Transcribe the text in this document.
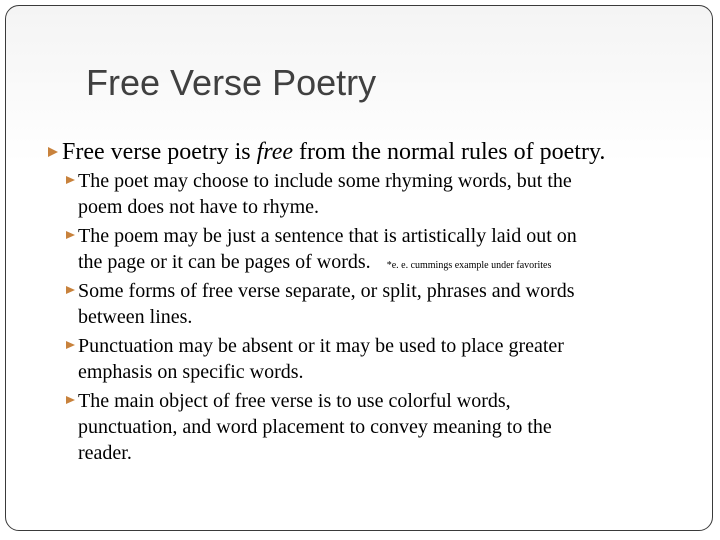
Free Verse Poetry
Free verse poetry is free from the normal rules of poetry.
The poet may choose to include some rhyming words, but the
poem does not have to rhyme.
The poem may be just a sentence that is artistically laid out on
the page or it can be pages of words. *e. e. cummings example under favorites
Some forms of free verse separate, or split, phrases and words
between lines.
Punctuation may be absent or it may be used to place greater
emphasis on specific words.
The main object of free verse is to use colorful words,
punctuation, and word placement to convey meaning to the
reader.
